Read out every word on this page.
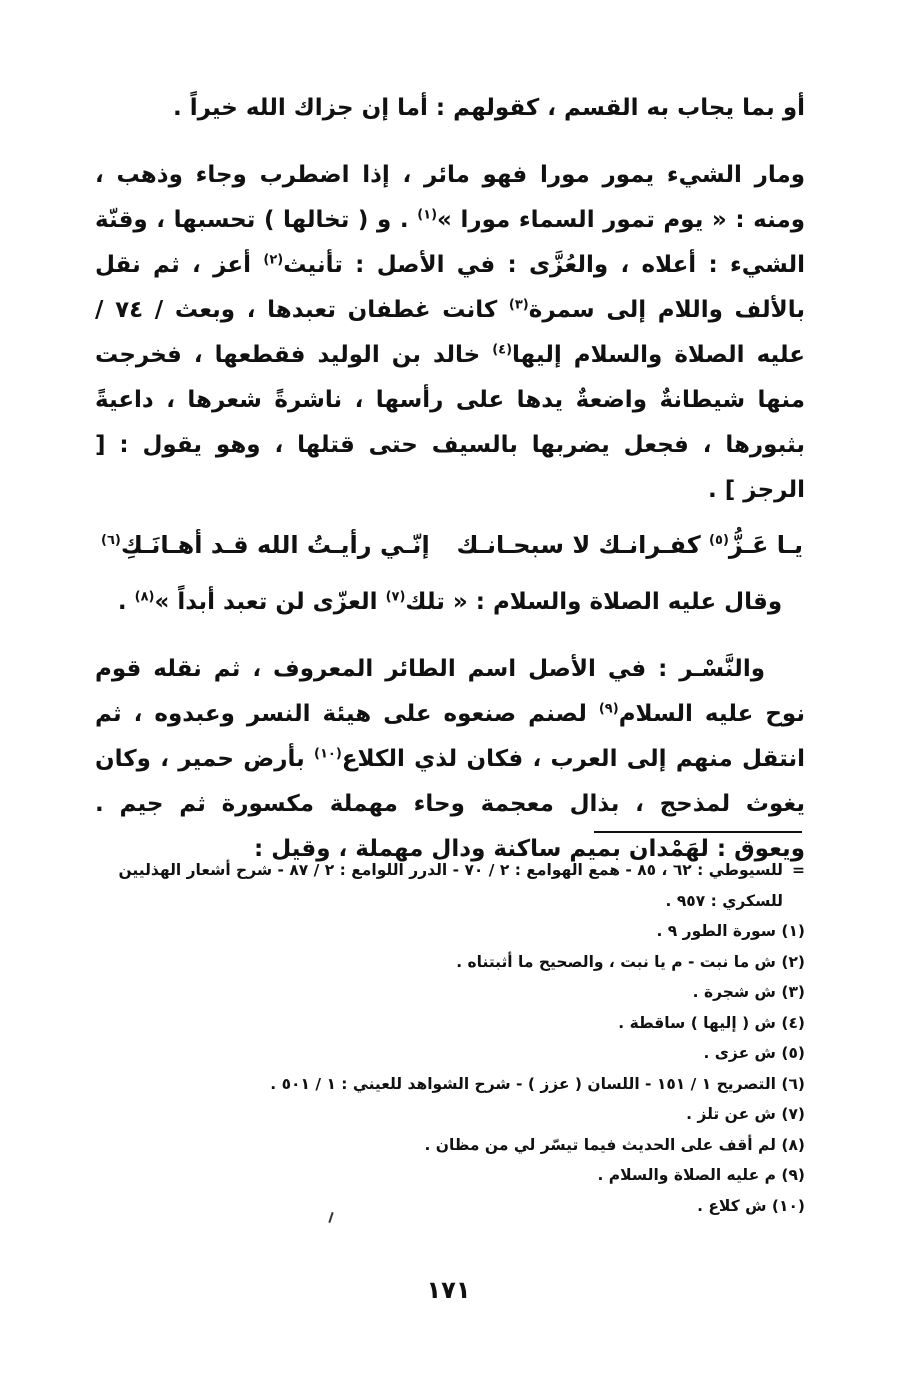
أو بما يجاب به القسم ، كقولهم : أما إن جزاك الله خيراً .

ومار الشيء يمور مورا فهو مائر ، إذا اضطرب وجاء وذهب ، ومنه : « يوم تمور السماء مورا »$^{(١)}$ . و ( تخالها ) تحسبها ، وقنّة الشيء : أعلاه ، والعُزَّى : في الأصل : تأنيث$^{(٢)}$ أعز ، ثم نقل بالألف واللام إلى سمرة$^{(٣)}$ كانت غطفان تعبدها ، وبعث / ٧٤ / عليه الصلاة والسلام إليها$^{(٤)}$ خالد بن الوليد فقطعها ، فخرجت منها شيطانةٌ واضعةٌ يدها على رأسها ، ناشرةً شعرها ، داعيةً بثبورها ، فجعل يضربها بالسيف حتى قتلها ، وهو يقول : [ الرجز ] .

يـا عَـزُّ$^{(٥)}$ كفـرانـك لا سبحـانـك
إنّـي رأيـتُ الله قـد أهـانَـكِ$^{(٦)}$

وقال عليه الصلاة والسلام : « تلك$^{(٧)}$ العزّى لن تعبد أبداً »$^{(٨)}$ .

والنَّسْـر : في الأصل اسم الطائر المعروف ، ثم نقله قوم نوح عليه السلام$^{(٩)}$ لصنم صنعوه على هيئة النسر وعبدوه ، ثم انتقل منهم إلى العرب ، فكان لذي الكلاع$^{(١٠)}$ بأرض حمير ، وكان يغوث لمذحج ، بذال معجمة وحاء مهملة مكسورة ثم جيم . ويعوق : لهَمْدان بميم ساكنة ودال مهملة ، وقيل :

=
للسيوطي : ٦٢ ، ٨٥ - همع الهوامع : ٢ / ٧٠ - الدرر اللوامع : ٢ / ٨٧ - شرح أشعار الهذليين
للسكري : ٩٥٧ .

(١) سورة الطور ٩ .

(٢) ش ما نبت - م يا نبت ، والصحيح ما أثبتناه .

(٣) ش شجرة .

(٤) ش ( إليها ) ساقطة .

(٥) ش عزى .

(٦) التصريح ١ / ١٥١ - اللسان ( عزز ) - شرح الشواهد للعيني : ١ / ٥٠١ .

(٧) ش عن تلز .

(٨) لم أقف على الحديث فيما تيسّر لي من مظان .

(٩) م عليه الصلاة والسلام .

(١٠) ش كلاع .

١٧١
